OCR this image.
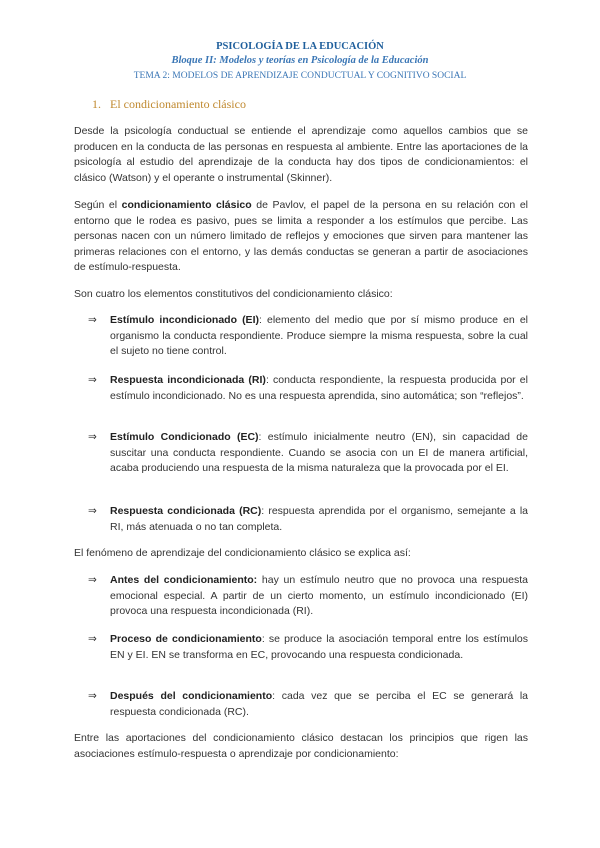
PSICOLOGÍA DE LA EDUCACIÓN
Bloque II: Modelos y teorías en Psicología de la Educación
TEMA 2: MODELOS DE APRENDIZAJE CONDUCTUAL Y COGNITIVO SOCIAL
1. El condicionamiento clásico
Desde la psicología conductual se entiende el aprendizaje como aquellos cambios que se producen en la conducta de las personas en respuesta al ambiente. Entre las aportaciones de la psicología al estudio del aprendizaje de la conducta hay dos tipos de condicionamientos: el clásico (Watson) y el operante o instrumental (Skinner).
Según el condicionamiento clásico de Pavlov, el papel de la persona en su relación con el entorno que le rodea es pasivo, pues se limita a responder a los estímulos que percibe. Las personas nacen con un número limitado de reflejos y emociones que sirven para mantener las primeras relaciones con el entorno, y las demás conductas se generan a partir de asociaciones de estímulo-respuesta.
Son cuatro los elementos constitutivos del condicionamiento clásico:
⇒ Estímulo incondicionado (EI): elemento del medio que por sí mismo produce en el organismo la conducta respondiente. Produce siempre la misma respuesta, sobre la cual el sujeto no tiene control.
⇒ Respuesta incondicionada (RI): conducta respondiente, la respuesta producida por el estímulo incondicionado. No es una respuesta aprendida, sino automática; son “reflejos”.
⇒ Estímulo Condicionado (EC): estímulo inicialmente neutro (EN), sin capacidad de suscitar una conducta respondiente. Cuando se asocia con un EI de manera artificial, acaba produciendo una respuesta de la misma naturaleza que la provocada por el EI.
⇒ Respuesta condicionada (RC): respuesta aprendida por el organismo, semejante a la RI, más atenuada o no tan completa.
El fenómeno de aprendizaje del condicionamiento clásico se explica así:
⇒ Antes del condicionamiento: hay un estímulo neutro que no provoca una respuesta emocional especial. A partir de un cierto momento, un estímulo incondicionado (EI) provoca una respuesta incondicionada (RI).
⇒ Proceso de condicionamiento: se produce la asociación temporal entre los estímulos EN y EI. EN se transforma en EC, provocando una respuesta condicionada.
⇒ Después del condicionamiento: cada vez que se perciba el EC se generará la respuesta condicionada (RC).
Entre las aportaciones del condicionamiento clásico destacan los principios que rigen las asociaciones estímulo-respuesta o aprendizaje por condicionamiento:
